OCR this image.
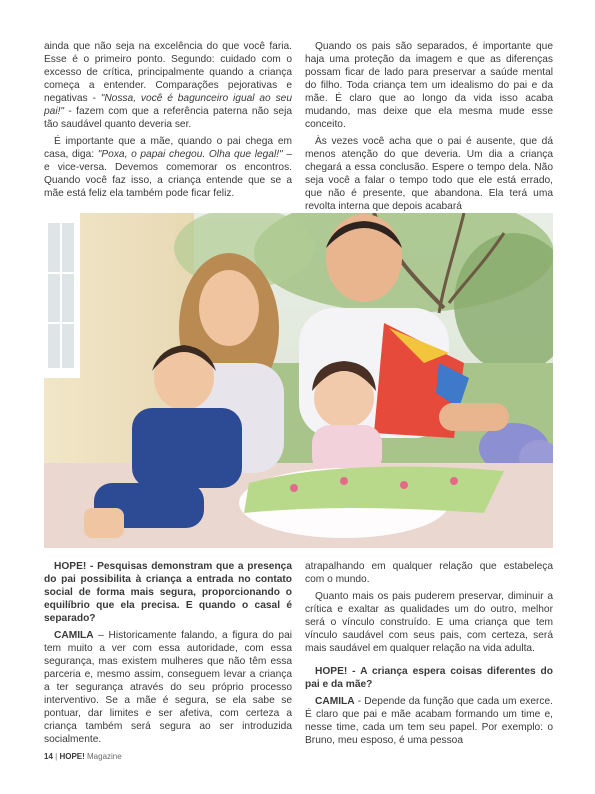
ainda que não seja na excelência do que você faria. Esse é o primeiro ponto. Segundo: cuidado com o excesso de crítica, principalmente quando a criança começa a entender. Comparações pejorativas e negativas - "Nossa, você é bagunceiro igual ao seu pai!" - fazem com que a referência paterna não seja tão saudável quanto deveria ser.

É importante que a mãe, quando o pai chega em casa, diga: "Poxa, o papai chegou. Olha que legal!" – e vice-versa. Devemos comemorar os encontros. Quando você faz isso, a criança entende que se a mãe está feliz ela também pode ficar feliz.

Quando os pais são separados, é importante que haja uma proteção da imagem e que as diferenças possam ficar de lado para preservar a saúde mental do filho. Toda criança tem um idealismo do pai e da mãe. É claro que ao longo da vida isso acaba mudando, mas deixe que ela mesma mude esse conceito.

Às vezes você acha que o pai é ausente, que dá menos atenção do que deveria. Um dia a criança chegará a essa conclusão. Espere o tempo dela. Não seja você a falar o tempo todo que ele está errado, que não é presente, que abandona. Ela terá uma revolta interna que depois acabará

HOPE! - Pesquisas demonstram que a presença do pai possibilita à criança a entrada no contato social de forma mais segura, proporcionando o equilíbrio que ela precisa. E quando o casal é separado?

CAMILA – Historicamente falando, a figura do pai tem muito a ver com essa autoridade, com essa segurança, mas existem mulheres que não têm essa parceria e, mesmo assim, conseguem levar a criança a ter segurança através do seu próprio processo interventivo. Se a mãe é segura, se ela sabe se pontuar, dar limites e ser afetiva, com certeza a criança também será segura ao ser introduzida socialmente.

atrapalhando em qualquer relação que estabeleça com o mundo.

Quanto mais os pais puderem preservar, diminuir a crítica e exaltar as qualidades um do outro, melhor será o vínculo construído. E uma criança que tem vínculo saudável com seus pais, com certeza, será mais saudável em qualquer relação na vida adulta.

HOPE! - A criança espera coisas diferentes do pai e da mãe?

CAMILA - Depende da função que cada um exerce. É claro que pai e mãe acabam formando um time e, nesse time, cada um tem seu papel. Por exemplo: o Bruno, meu esposo, é uma pessoa

14 | HOPE! Magazine
